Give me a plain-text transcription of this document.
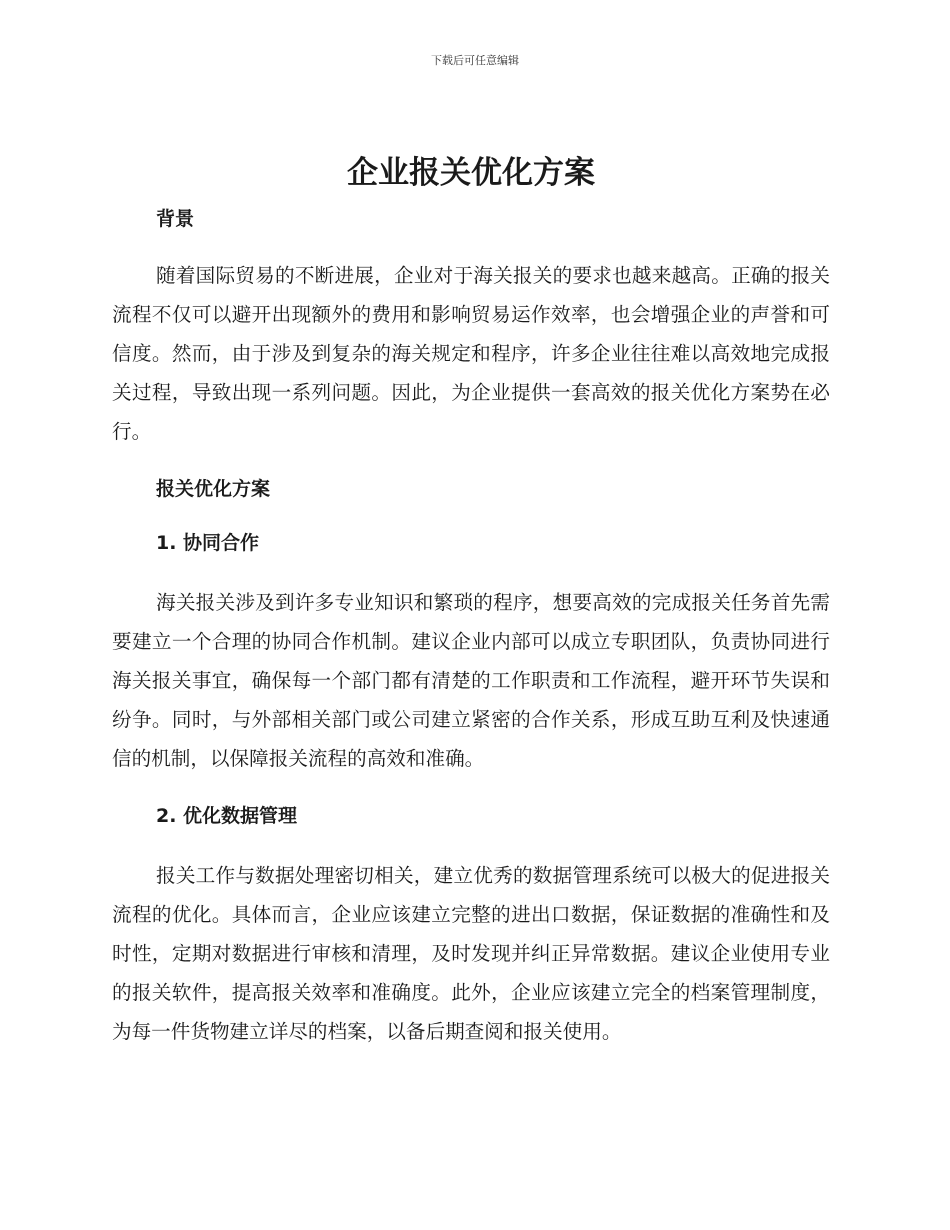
下载后可任意编辑
企业报关优化方案
背景

随着国际贸易的不断进展，企业对于海关报关的要求也越来越高。正确的报关流程不仅可以避开出现额外的费用和影响贸易运作效率，也会增强企业的声誉和可信度。然而，由于涉及到复杂的海关规定和程序，许多企业往往难以高效地完成报关过程，导致出现一系列问题。因此，为企业提供一套高效的报关优化方案势在必行。

报关优化方案
1. 协同合作

海关报关涉及到许多专业知识和繁琐的程序，想要高效的完成报关任务首先需要建立一个合理的协同合作机制。建议企业内部可以成立专职团队，负责协同进行海关报关事宜，确保每一个部门都有清楚的工作职责和工作流程，避开环节失误和纷争。同时，与外部相关部门或公司建立紧密的合作关系，形成互助互利及快速通信的机制，以保障报关流程的高效和准确。

2. 优化数据管理

报关工作与数据处理密切相关，建立优秀的数据管理系统可以极大的促进报关流程的优化。具体而言，企业应该建立完整的进出口数据，保证数据的准确性和及时性，定期对数据进行审核和清理，及时发现并纠正异常数据。建议企业使用专业的报关软件，提高报关效率和准确度。此外，企业应该建立完全的档案管理制度，为每一件货物建立详尽的档案，以备后期查阅和报关使用。
